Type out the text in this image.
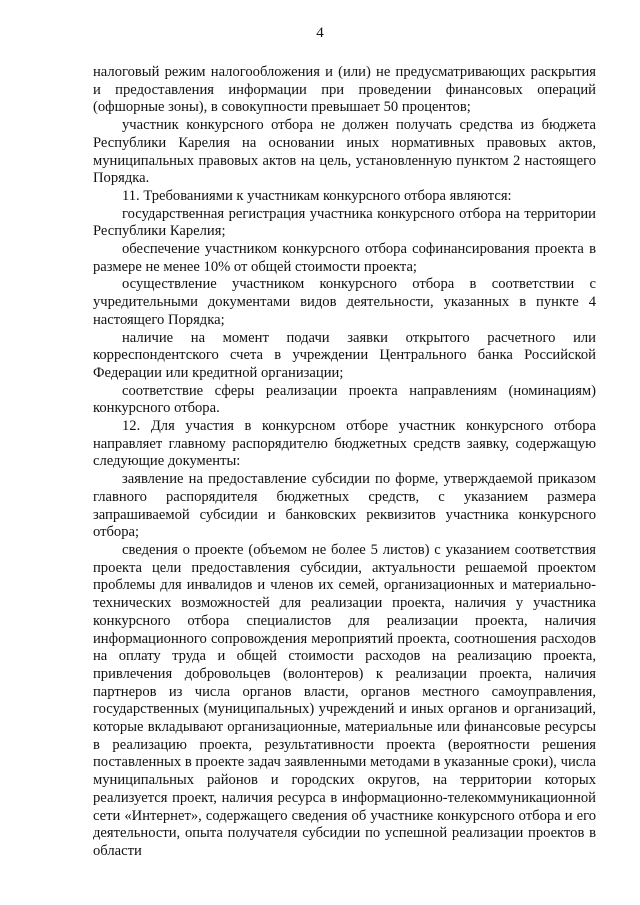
4

налоговый режим налогообложения и (или) не предусматривающих раскрытия и предоставления информации при проведении финансовых операций (офшорные зоны), в совокупности превышает 50 процентов;

участник конкурсного отбора не должен получать средства из бюджета Республики Карелия на основании иных нормативных правовых актов, муниципальных правовых актов на цель, установленную пунктом 2 настоящего Порядка.

11. Требованиями к участникам конкурсного отбора являются:

государственная регистрация участника конкурсного отбора на территории Республики Карелия;

обеспечение участником конкурсного отбора софинансирования проекта в размере не менее 10% от общей стоимости проекта;

осуществление участником конкурсного отбора в соответствии с учредительными документами видов деятельности, указанных в пункте 4 настоящего Порядка;

наличие на момент подачи заявки открытого расчетного или корреспондентского счета в учреждении Центрального банка Российской Федерации или кредитной организации;

соответствие сферы реализации проекта направлениям (номинациям) конкурсного отбора.

12. Для участия в конкурсном отборе участник конкурсного отбора направляет главному распорядителю бюджетных средств заявку, содержащую следующие документы:

заявление на предоставление субсидии по форме, утверждаемой приказом главного распорядителя бюджетных средств, с указанием размера запрашиваемой субсидии и банковских реквизитов участника конкурсного отбора;

сведения о проекте (объемом не более 5 листов) с указанием соответствия проекта цели предоставления субсидии, актуальности решаемой проектом проблемы для инвалидов и членов их семей, организационных и материально-технических возможностей для реализации проекта, наличия у участника конкурсного отбора специалистов для реализации проекта, наличия информационного сопровождения мероприятий проекта, соотношения расходов на оплату труда и общей стоимости расходов на реализацию проекта, привлечения добровольцев (волонтеров) к реализации проекта, наличия партнеров из числа органов власти, органов местного самоуправления, государственных (муниципальных) учреждений и иных органов и организаций, которые вкладывают организационные, материальные или финансовые ресурсы в реализацию проекта, результативности проекта (вероятности решения поставленных в проекте задач заявленными методами в указанные сроки), числа муниципальных районов и городских округов, на территории которых реализуется проект, наличия ресурса в информационно-телекоммуникационной сети «Интернет», содержащего сведения об участнике конкурсного отбора и его деятельности, опыта получателя субсидии по успешной реализации проектов в области
